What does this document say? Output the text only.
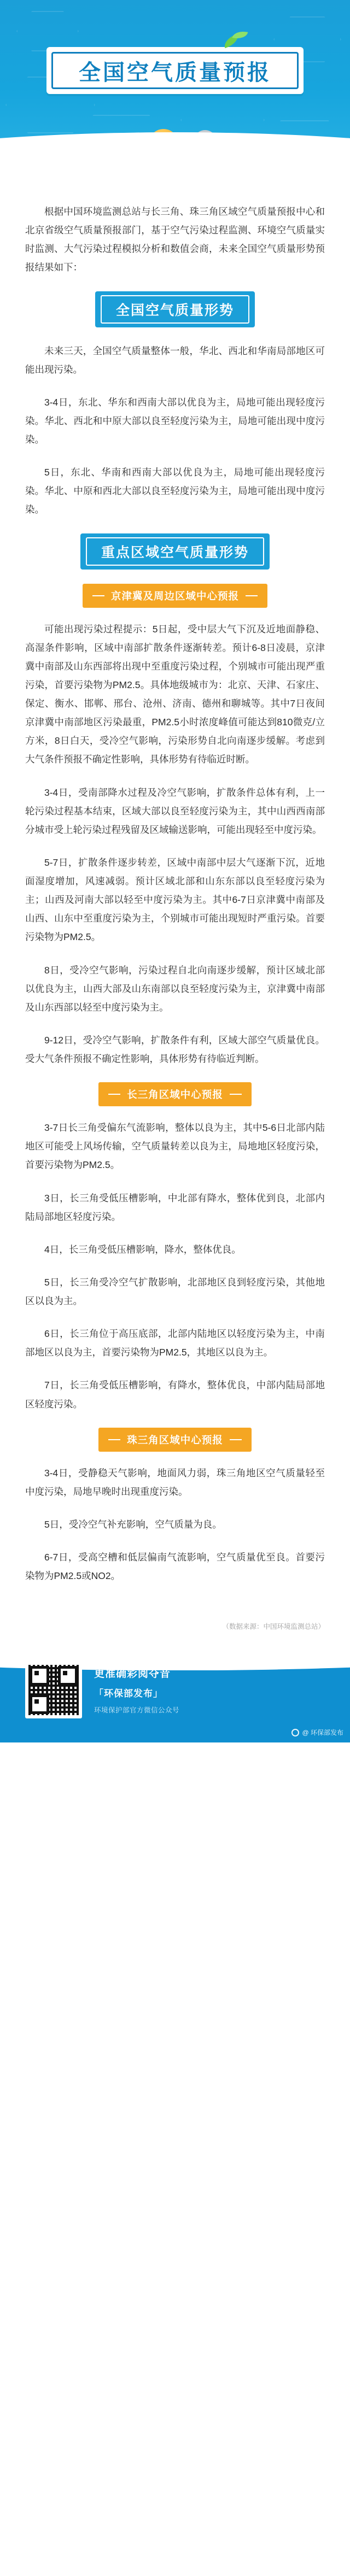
全国空气质量预报

根据中国环境监测总站与长三角、珠三角区域空气质量预报中心和北京省级空气质量预报部门，基于空气污染过程监测、环境空气质量实时监测、大气污染过程模拟分析和数值会商，未来全国空气质量形势预报结果如下：

全国空气质量形势

未来三天，全国空气质量整体一般，华北、西北和华南局部地区可能出现污染。

3-4日，东北、华东和西南大部以优良为主，局地可能出现轻度污染。华北、西北和中原大部以良至轻度污染为主，局地可能出现中度污染。

5日，东北、华南和西南大部以优良为主，局地可能出现轻度污染。华北、中原和西北大部以良至轻度污染为主，局地可能出现中度污染。

重点区域空气质量形势
京津冀及周边区域中心预报

可能出现污染过程提示：5日起，受中层大气下沉及近地面静稳、高湿条件影响，区域中南部扩散条件逐渐转差。预计6-8日凌晨，京津冀中南部及山东西部将出现中至重度污染过程，个别城市可能出现严重污染，首要污染物为PM2.5。具体地级城市为：北京、天津、石家庄、保定、衡水、邯郸、邢台、沧州、济南、德州和聊城等。其中7日夜间京津冀中南部地区污染最重，PM2.5小时浓度峰值可能达到810微克/立方米，8日白天，受冷空气影响，污染形势自北向南逐步缓解。考虑到大气条件预报不确定性影响，具体形势有待临近时断。

3-4日，受南部降水过程及冷空气影响，扩散条件总体有利，上一轮污染过程基本结束，区域大部以良至轻度污染为主，其中山西西南部分城市受上轮污染过程残留及区域输送影响，可能出现轻至中度污染。

5-7日，扩散条件逐步转差，区域中南部中层大气逐渐下沉，近地面湿度增加，风速减弱。预计区域北部和山东东部以良至轻度污染为主；山西及河南大部以轻至中度污染为主。其中6-7日京津冀中南部及山西、山东中至重度污染为主，个别城市可能出现短时严重污染。首要污染物为PM2.5。

8日，受冷空气影响，污染过程自北向南逐步缓解，预计区域北部以优良为主，山西大部及山东南部以良至轻度污染为主，京津冀中南部及山东西部以轻至中度污染为主。

9-12日，受冷空气影响，扩散条件有利，区域大部空气质量优良。受大气条件预报不确定性影响，具体形势有待临近判断。

长三角区域中心预报

3-7日长三角受偏东气流影响，整体以良为主，其中5-6日北部内陆地区可能受上风场传输，空气质量转差以良为主，局地地区轻度污染，首要污染物为PM2.5。

3日，长三角受低压槽影响，中北部有降水，整体优到良，北部内陆局部地区轻度污染。

4日，长三角受低压槽影响，降水，整体优良。

5日，长三角受冷空气扩散影响，北部地区良到轻度污染，其他地区以良为主。

6日，长三角位于高压底部，北部内陆地区以轻度污染为主，中南部地区以良为主，首要污染物为PM2.5，其地区以良为主。

7日，长三角受低压槽影响，有降水，整体优良，中部内陆局部地区轻度污染。

珠三角区域中心预报

3-4日，受静稳天气影响，地面风力弱，珠三角地区空气质量轻至中度污染，局地早晚时出现重度污染。

5日，受冷空气补充影响，空气质量为良。

6-7日，受高空槽和低层偏南气流影响，空气质量优至良。首要污染物为PM2.5或NO2。

（数据来源：中国环境监测总站）
更准确彩阅夺音
「环保部发布」
环境保护部官方微信公众号
@ 环保部发布
